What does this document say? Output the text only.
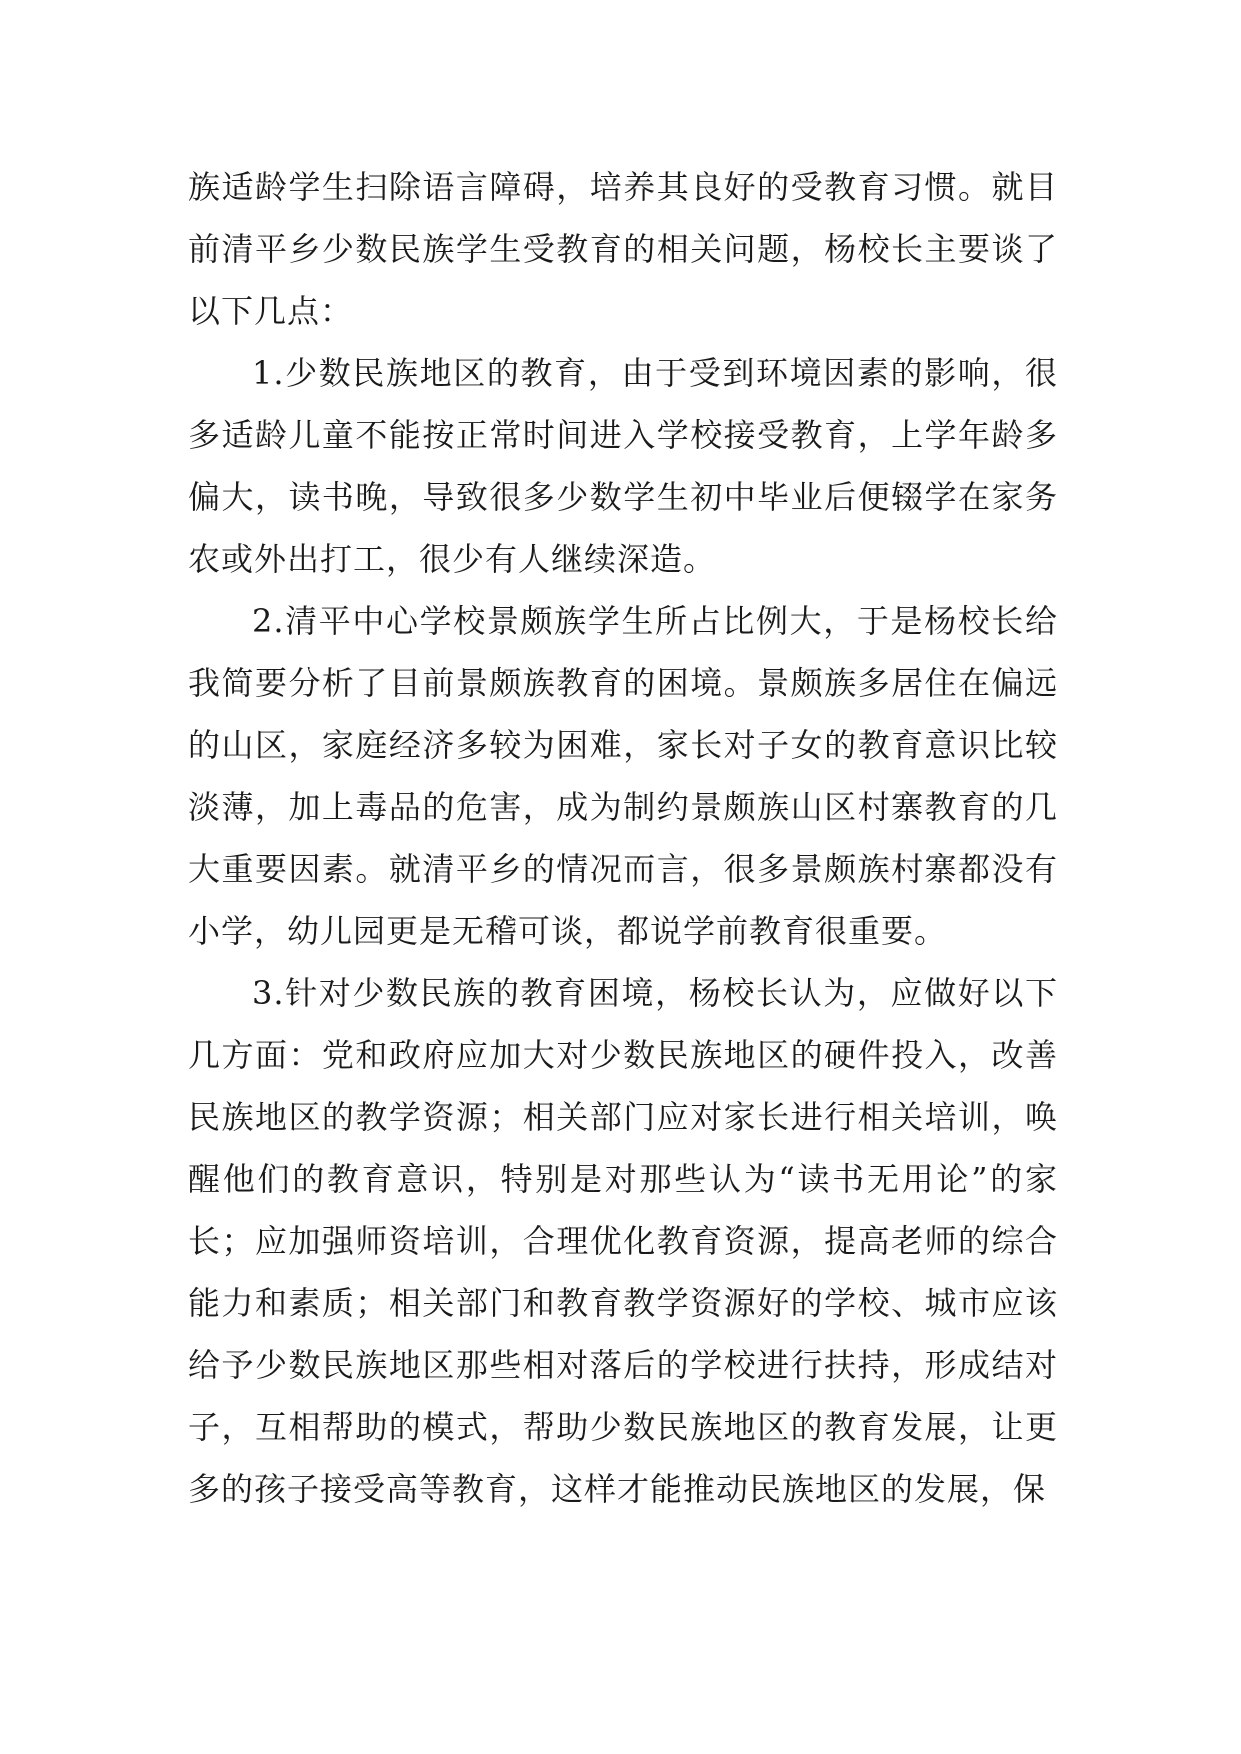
族适龄学生扫除语言障碍，培养其良好的受教育习惯。就目前清平乡少数民族学生受教育的相关问题，杨校长主要谈了以下几点：

1.少数民族地区的教育，由于受到环境因素的影响，很多适龄儿童不能按正常时间进入学校接受教育，上学年龄多偏大，读书晚，导致很多少数学生初中毕业后便辍学在家务农或外出打工，很少有人继续深造。

2.清平中心学校景颇族学生所占比例大，于是杨校长给我简要分析了目前景颇族教育的困境。景颇族多居住在偏远的山区，家庭经济多较为困难，家长对子女的教育意识比较淡薄，加上毒品的危害，成为制约景颇族山区村寨教育的几大重要因素。就清平乡的情况而言，很多景颇族村寨都没有小学，幼儿园更是无稽可谈，都说学前教育很重要。

3.针对少数民族的教育困境，杨校长认为，应做好以下几方面：党和政府应加大对少数民族地区的硬件投入，改善民族地区的教学资源；相关部门应对家长进行相关培训，唤醒他们的教育意识，特别是对那些认为“读书无用论”的家长；应加强师资培训，合理优化教育资源，提高老师的综合能力和素质；相关部门和教育教学资源好的学校、城市应该给予少数民族地区那些相对落后的学校进行扶持，形成结对子，互相帮助的模式，帮助少数民族地区的教育发展，让更多的孩子接受高等教育，这样才能推动民族地区的发展，保
